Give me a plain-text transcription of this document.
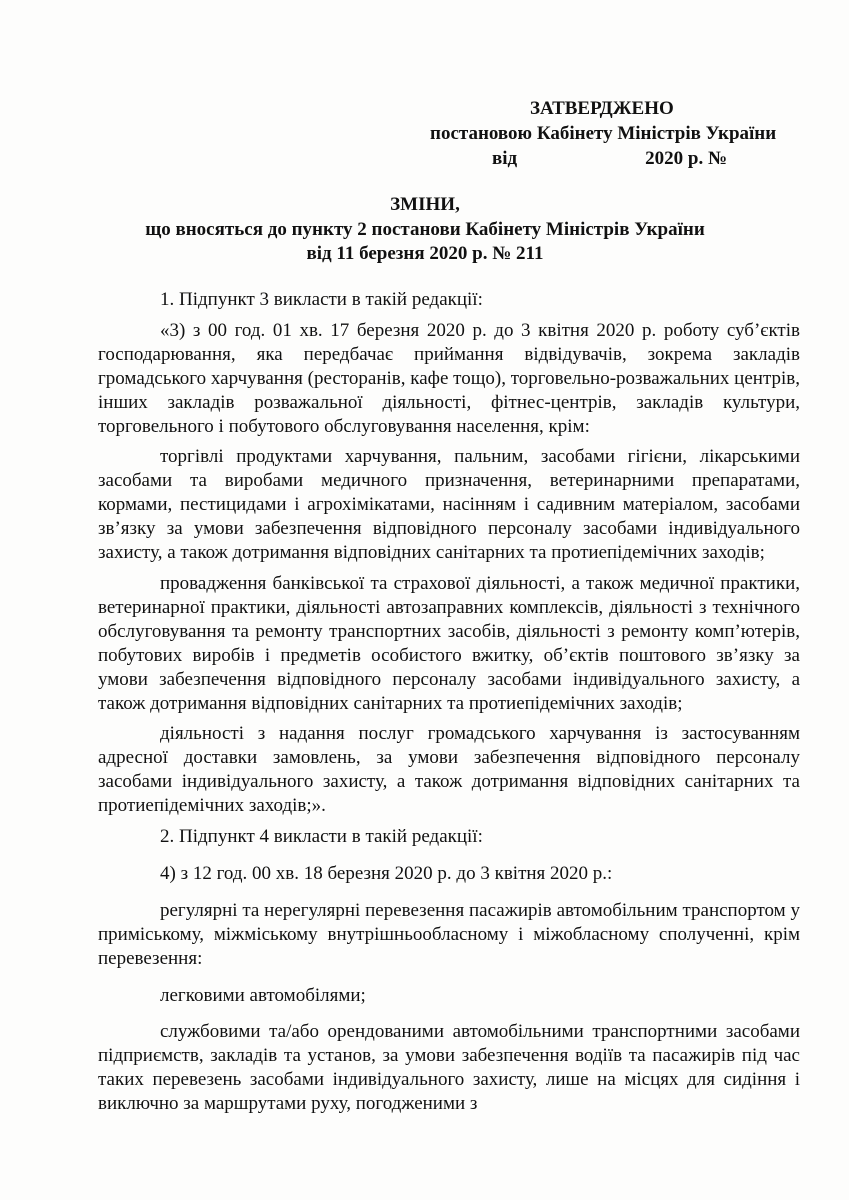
ЗАТВЕРДЖЕНО
постановою Кабінету Міністрів України
від	2020 р. №
ЗМІНИ,
що вносяться до пункту 2 постанови Кабінету Міністрів України
від 11 березня 2020 р. № 211

1. Підпункт 3 викласти в такій редакції:

«3) з 00 год. 01 хв. 17 березня 2020 р. до 3 квітня 2020 р. роботу суб’єктів господарювання, яка передбачає приймання відвідувачів, зокрема закладів громадського харчування (ресторанів, кафе тощо), торговельно-розважальних центрів, інших закладів розважальної діяльності, фітнес-центрів, закладів культури, торговельного і побутового обслуговування населення, крім:

торгівлі продуктами харчування, пальним, засобами гігієни, лікарськими засобами та виробами медичного призначення, ветеринарними препаратами, кормами, пестицидами і агрохімікатами, насінням і садивним матеріалом, засобами зв’язку за умови забезпечення відповідного персоналу засобами індивідуального захисту, а також дотримання відповідних санітарних та протиепідемічних заходів;

провадження банківської та страхової діяльності, а також медичної практики, ветеринарної практики, діяльності автозаправних комплексів, діяльності з технічного обслуговування та ремонту транспортних засобів, діяльності з ремонту комп’ютерів, побутових виробів і предметів особистого вжитку, об’єктів поштового зв’язку за умови забезпечення відповідного персоналу засобами індивідуального захисту, а також дотримання відповідних санітарних та протиепідемічних заходів;

діяльності з надання послуг громадського харчування із застосуванням адресної доставки замовлень, за умови забезпечення відповідного персоналу засобами індивідуального захисту, а також дотримання відповідних санітарних та протиепідемічних заходів;».

2. Підпункт 4 викласти в такій редакції:

4) з 12 год. 00 хв. 18 березня 2020 р. до 3 квітня 2020 р.:

регулярні та нерегулярні перевезення пасажирів автомобільним транспортом у приміському, міжміському внутрішньообласному і міжобласному сполученні, крім перевезення:

легковими автомобілями;

службовими та/або орендованими автомобільними транспортними засобами підприємств, закладів та установ, за умови забезпечення водіїв та пасажирів під час таких перевезень засобами індивідуального захисту, лише на місцях для сидіння і виключно за маршрутами руху, погодженими з
